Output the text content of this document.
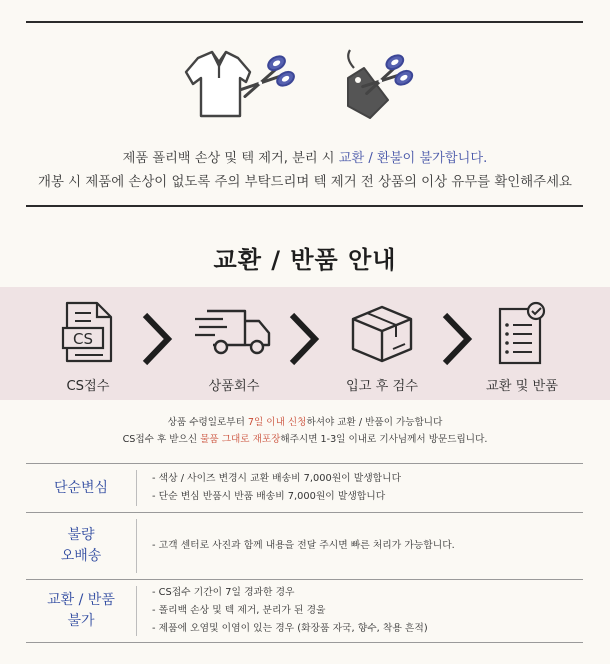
제품 폴리백 손상 및 텍 제거, 분리 시 교환 / 환불이 불가합니다.
개봉 시 제품에 손상이 없도록 주의 부탁드리며 텍 제거 전 상품의 이상 유무를 확인해주세요
교환 / 반품 안내
CS
CS접수	상품회수	입고 후 검수	교환 및 반품
상품 수령일로부터 7일 이내 신청하셔야 교환 / 반품이 가능합니다
CS접수 후 받으신 물품 그대로 재포장해주시면 1-3일 이내로 기사님께서 방문드립니다.
단순변심
- 색상 / 사이즈 변경시 교환 배송비 7,000원이 발생합니다
- 단순 변심 반품시 반품 배송비 7,000원이 발생합니다
불량
오배송
- 고객 센터로 사진과 함께 내용을 전달 주시면 빠른 처리가 가능합니다.
교환 / 반품
불가
- CS접수 기간이 7일 경과한 경우
- 폴리백 손상 및 텍 제거, 분리가 된 경울
- 제품에 오염및 이염이 있는 경우 (화장품 자국, 향수, 착용 흔적)
